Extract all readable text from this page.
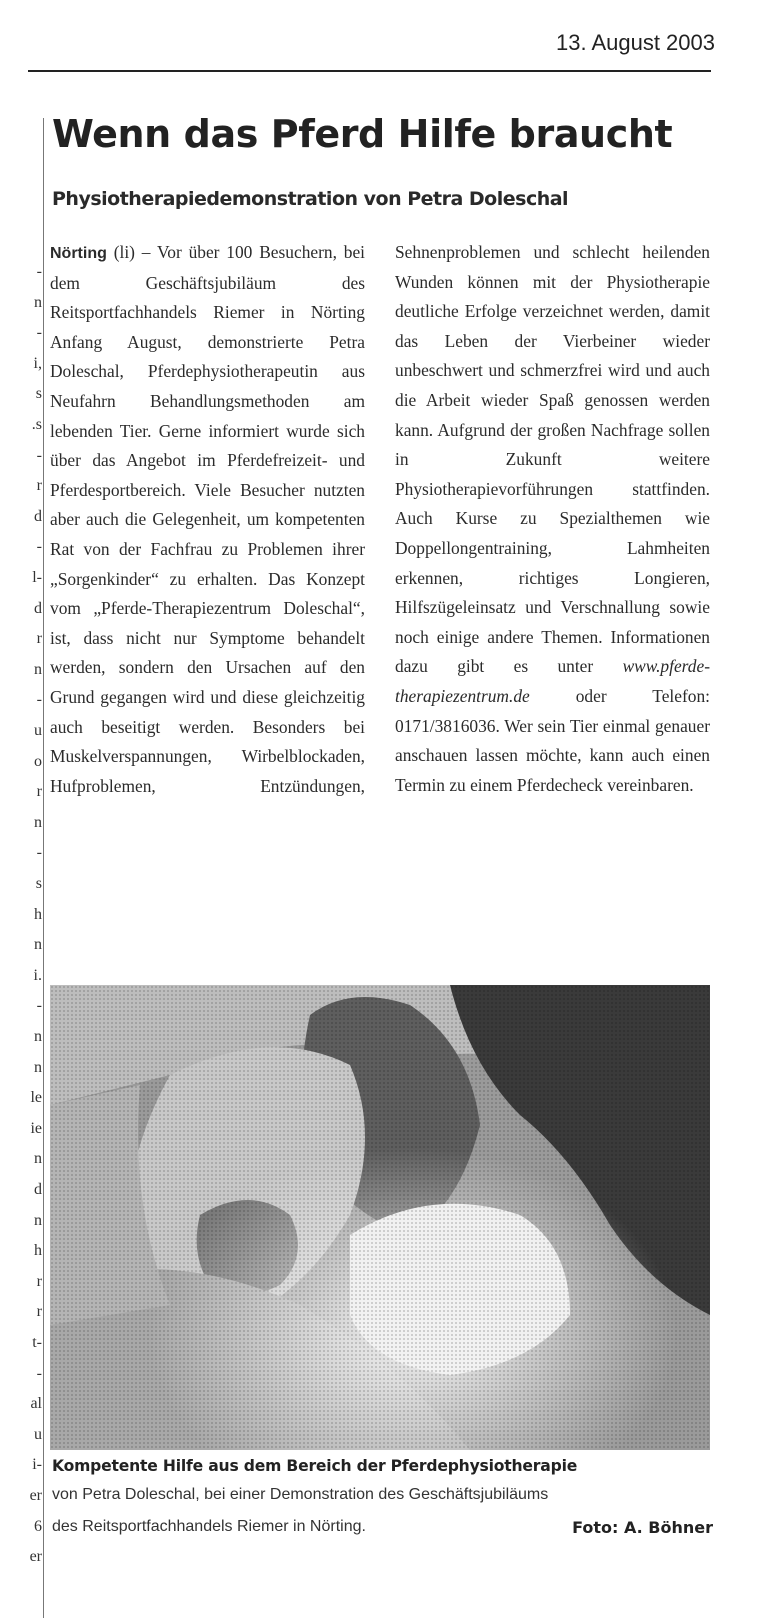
13. August 2003
-
n
-
i,
s
.s
-
r
d
-
l-
d
r
n
-
u
o
r
n
-
s
h
n
i.
-
n
n
le
ie
n
d
n
h
r
r
t-
-
al
u
i-
er
6
er
Wenn das Pferd Hilfe braucht
Physiotherapiedemonstration von Petra Doleschal

Nörting (li) – Vor über 100 Besuchern, bei dem Geschäftsjubiläum des Reitsportfachhandels Riemer in Nörting Anfang August, demonstrierte Petra Doleschal, Pferdephysiotherapeutin aus Neufahrn Behandlungsmethoden am lebenden Tier. Gerne informiert wurde sich über das Angebot im Pferdefreizeit- und Pferdesportbereich. Viele Besucher nutzten aber auch die Gelegenheit, um kompetenten Rat von der Fachfrau zu Problemen ihrer „Sorgenkinder“ zu erhalten. Das Konzept vom „Pferde-Therapiezentrum Doleschal“, ist, dass nicht nur Symptome behandelt werden, sondern den Ursachen auf den Grund gegangen wird und diese gleichzeitig auch beseitigt werden. Besonders bei Muskelverspannungen, Wirbelblockaden, Hufproblemen, Entzündungen, Sehnenproblemen und schlecht heilenden Wunden können mit der Physiotherapie deutliche Erfolge verzeichnet werden, damit das Leben der Vierbeiner wieder unbeschwert und schmerzfrei wird und auch die Arbeit wieder Spaß genossen werden kann. Aufgrund der großen Nachfrage sollen in Zukunft weitere Physiotherapievorführungen stattfinden. Auch Kurse zu Spezialthemen wie Doppellongentraining, Lahmheiten erkennen, richtiges Longieren, Hilfszügeleinsatz und Verschnallung sowie noch einige andere Themen. Informationen dazu gibt es unter www.pferde-therapiezentrum.de oder Telefon: 0171/3816036. Wer sein Tier einmal genauer anschauen lassen möchte, kann auch einen Termin zu einem Pferdecheck vereinbaren.

Kompetente Hilfe aus dem Bereich der Pferdephysiotherapie
von Petra Doleschal, bei einer Demonstration des Geschäftsjubiläums
des Reitsportfachhandels Riemer in Nörting.	Foto: A. Böhner
